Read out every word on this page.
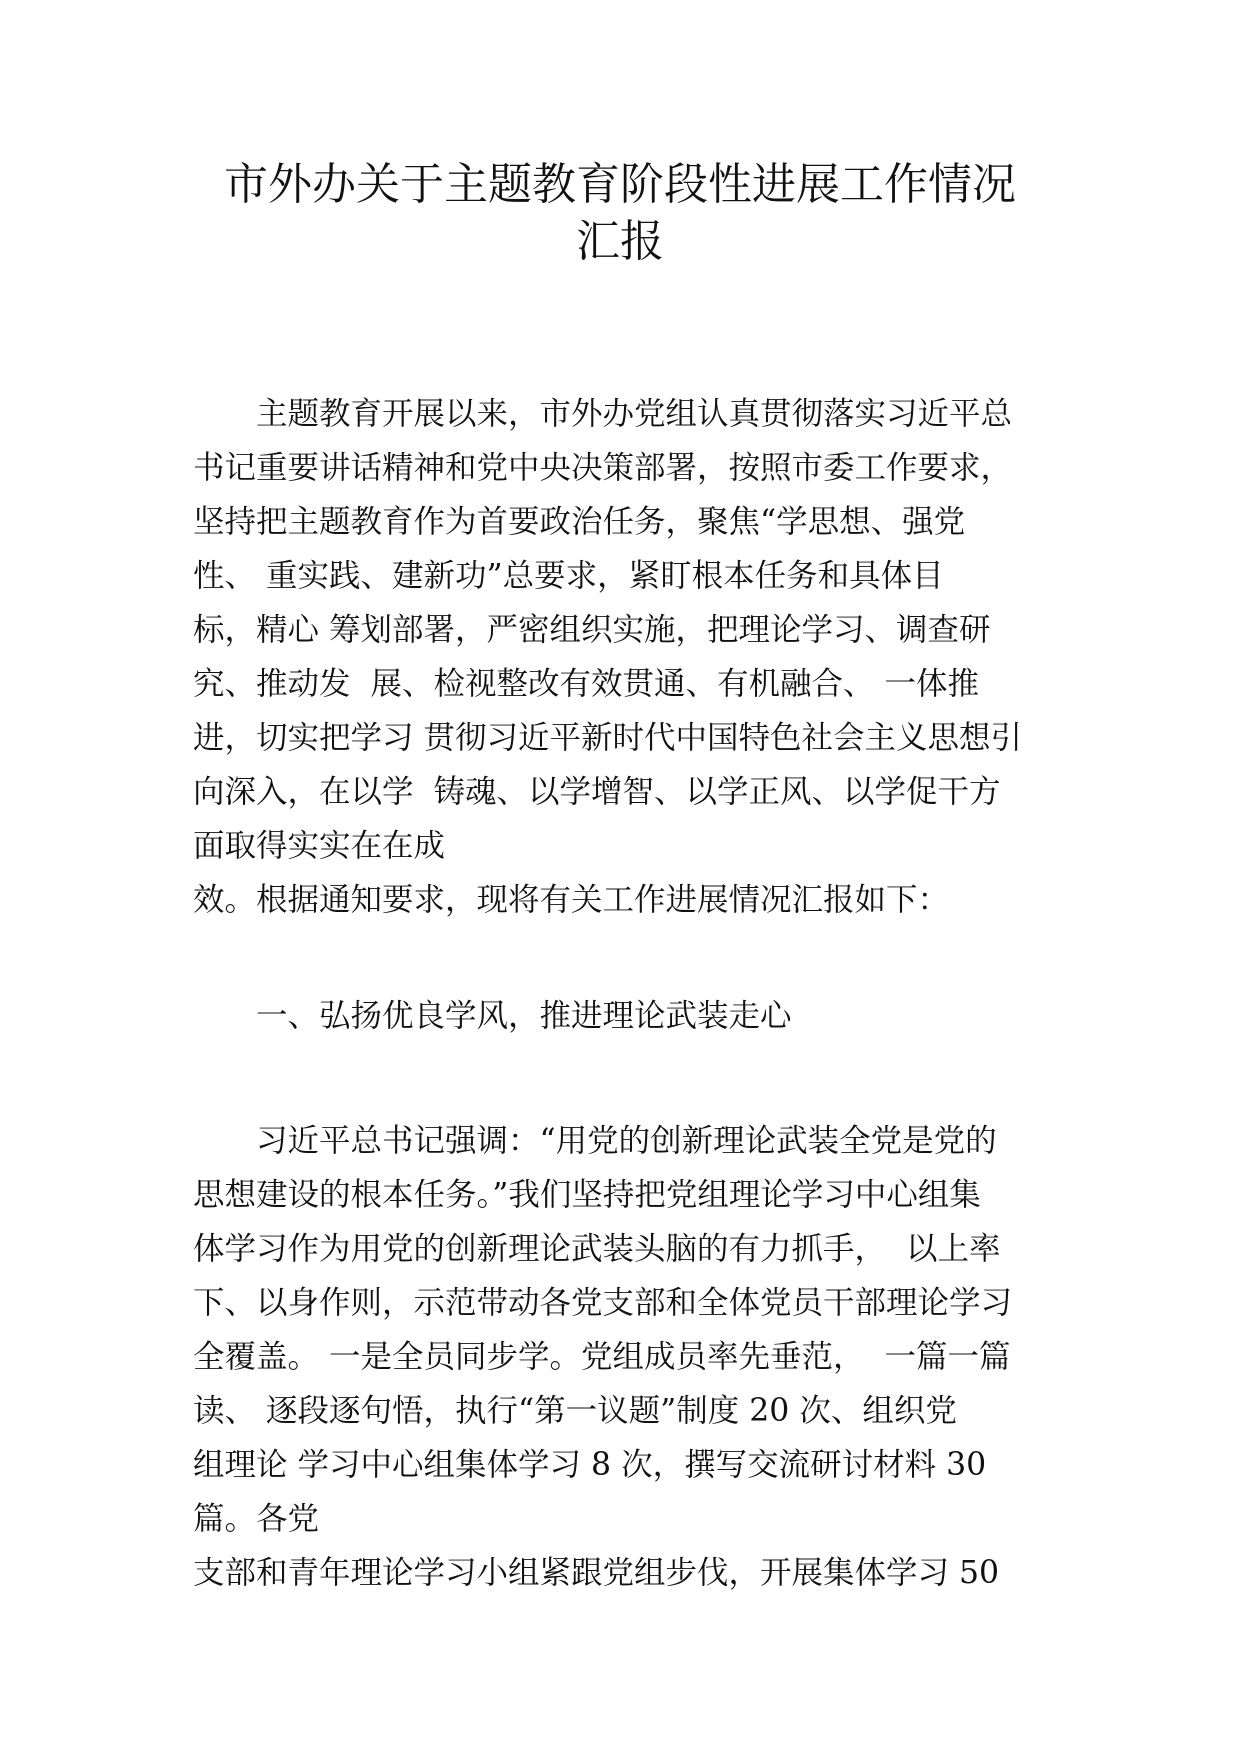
市外办关于主题教育阶段性进展工作情况
汇报
　　主题教育开展以来，市外办党组认真贯彻落实习近平总
书记重要讲话精神和党中央决策部署，按照市委工作要求，
坚持把主题教育作为首要政治任务，聚焦“学思想、强党
性、 重实践、建新功”总要求，紧盯根本任务和具体目
标，精心 筹划部署，严密组织实施，把理论学习、调查研
究、推动发  展、检视整改有效贯通、有机融合、 一体推
进，切实把学习 贯彻习近平新时代中国特色社会主义思想引
向深入，在以学  铸魂、以学增智、以学正风、以学促干方
面取得实实在在成
效。根据通知要求，现将有关工作进展情况汇报如下：
　　一、弘扬优良学风，推进理论武装走心
　　习近平总书记强调：“用党的创新理论武装全党是党的
思想建设的根本任务。”我们坚持把党组理论学习中心组集
体学习作为用党的创新理论武装头脑的有力抓手，  以上率
下、以身作则，示范带动各党支部和全体党员干部理论学习
全覆盖。 一是全员同步学。党组成员率先垂范，  一篇一篇
读、 逐段逐句悟，执行“第一议题”制度 20 次、组织党
组理论 学习中心组集体学习 8 次，撰写交流研讨材料 30
篇。各党
支部和青年理论学习小组紧跟党组步伐，开展集体学习 50
